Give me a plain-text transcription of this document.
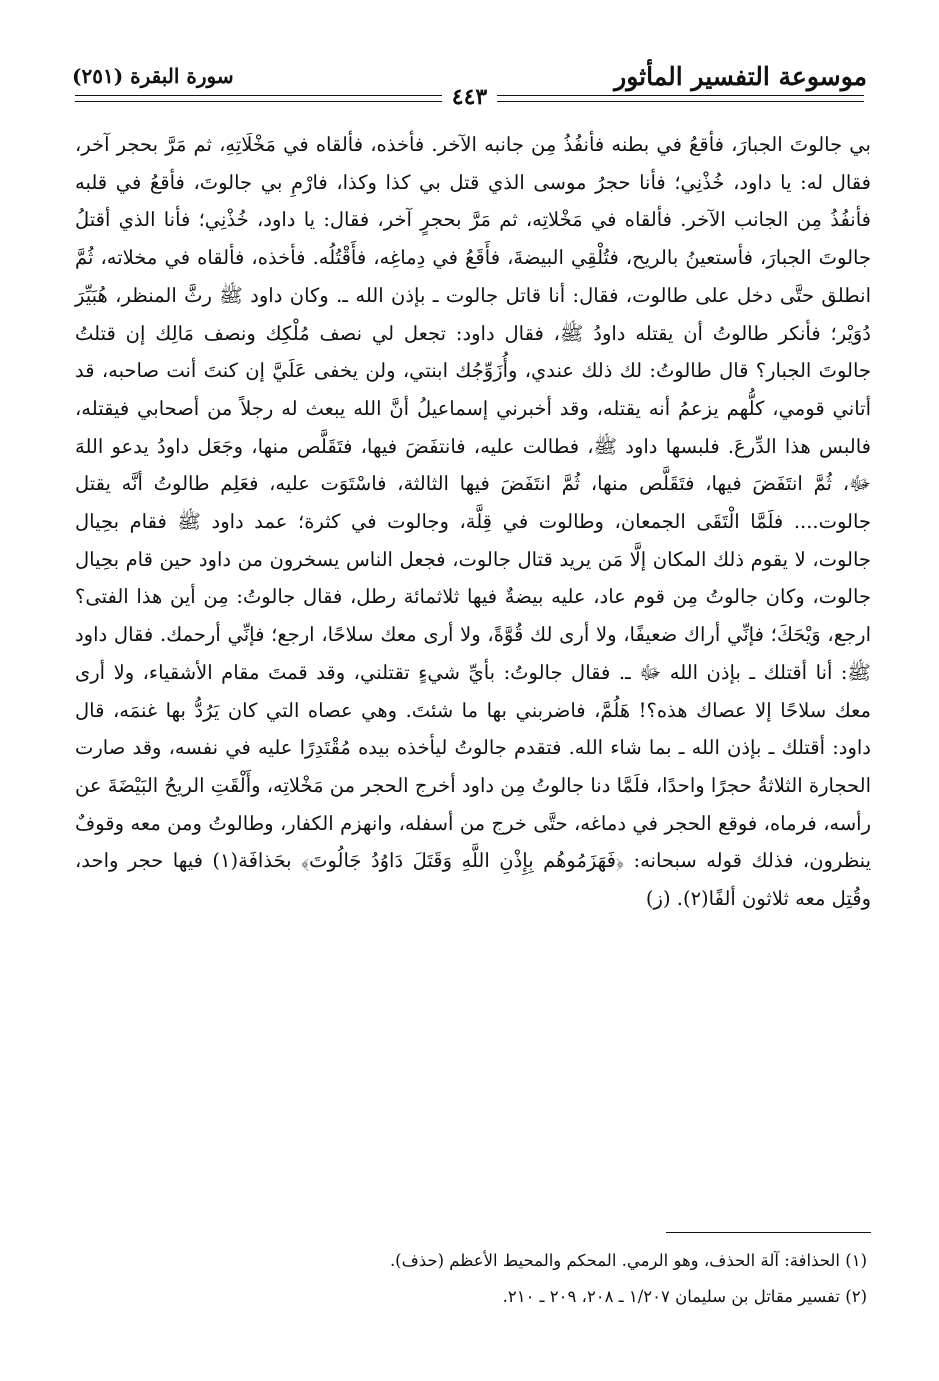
موسوعة التفسير المأثور
سورة البقرة (٢٥١)
٤٤٣

بي جالوتَ الجبارَ، فأقعُ في بطنه فأنفُذُ مِن جانبه الآخر. فأخذه، فألقاه في مَخْلَاتِهِ، ثم مَرَّ بحجر آخر، فقال له: يا داود، خُذْنِي؛ فأنا حجرُ موسى الذي قتل بي كذا وكذا، فارْمِ بي جالوتَ، فأقعُ في قلبه فأنفُذُ مِن الجانب الآخر. فألقاه في مَخْلاتِه، ثم مَرَّ بحجرٍ آخر، فقال: يا داود، خُذْنِي؛ فأنا الذي أقتلُ جالوتَ الجبارَ، فأستعينُ بالريح، فتُلْقِي البيضةَ، فأَقَعُ في دِماغِه، فأَقْتُلُه. فأخذه، فألقاه في مخلاته، ثُمَّ انطلق حتَّى دخل على طالوت، فقال: أنا قاتل جالوت ـ بإذن الله ـ. وكان داود ﷺ رثَّ المنظر، هُبَيِّرَ دُوَيْر؛ فأنكر طالوتُ أن يقتله داودُ ﷺ، فقال داود: تجعل لي نصف مُلْكِك ونصف مَالِك إن قتلتُ جالوتَ الجبار؟ قال طالوتُ: لك ذلك عندي، وأُزَوِّجُك ابنتي، ولن يخفى عَلَيَّ إن كنتَ أنت صاحبه، قد أتاني قومي، كلُّهم يزعمُ أنه يقتله، وقد أخبرني إسماعيلُ أنَّ الله يبعث له رجلاً من أصحابي فيقتله، فالبس هذا الدِّرعَ. فلبسها داود ﷺ، فطالت عليه، فانتفَضَ فيها، فتَقَلَّص منها، وجَعَل داودُ يدعو اللهَ ﷻ، ثُمَّ انتَفَضَ فيها، فتَقَلَّص منها، ثُمَّ انتَفَضَ فيها الثالثة، فاسْتَوَت عليه، فعَلِم طالوتُ أنَّه يقتل جالوت.... فلَمَّا الْتَقَى الجمعان، وطالوت في قِلَّة، وجالوت في كثرة؛ عمد داود ﷺ فقام بحِيال جالوت، لا يقوم ذلك المكان إلَّا مَن يريد قتال جالوت، فجعل الناس يسخرون من داود حين قام بحِيال جالوت، وكان جالوتُ مِن قوم عاد، عليه بيضةٌ فيها ثلاثمائة رطل، فقال جالوتُ: مِن أين هذا الفتى؟ ارجع، وَيْحَكَ؛ فإنِّي أراك ضعيفًا، ولا أرى لك قُوَّةً، ولا أرى معك سلاحًا، ارجع؛ فإنِّي أرحمك. فقال داود ﷺ: أنا أقتلك ـ بإذن الله ﷻ ـ. فقال جالوتُ: بأيِّ شيءٍ تقتلني، وقد قمتَ مقام الأشقياء، ولا أرى معك سلاحًا إلا عصاك هذه؟! هَلُمَّ، فاضربني بها ما شئتَ. وهي عصاه التي كان يَرُدُّ بها غنمَه، قال داود: أقتلك ـ بإذن الله ـ بما شاء الله. فتقدم جالوتُ ليأخذه بيده مُقْتَدِرًا عليه في نفسه، وقد صارت الحجارة الثلاثةُ حجرًا واحدًا، فلَمَّا دنا جالوتُ مِن داود أخرج الحجر من مَخْلاتِه، وأَلْقَتِ الريحُ البَيْضَةَ عن رأسه، فرماه، فوقع الحجر في دماغه، حتَّى خرج من أسفله، وانهزم الكفار، وطالوتُ ومن معه وقوفٌ ينظرون، فذلك قوله سبحانه: ﴿فَهَزَمُوهُم بِإِذْنِ اللَّهِ وَقَتَلَ دَاوُدُ جَالُوتَ﴾ بحَذافَة(١) فيها حجر واحد، وقُتِل معه ثلاثون ألفًا(٢). (ز)

(١) الحذافة: آلة الحذف، وهو الرمي. المحكم والمحيط الأعظم (حذف).

(٢) تفسير مقاتل بن سليمان ١/٢٠٧ ـ ٢٠٨، ٢٠٩ ـ ٢١٠.
